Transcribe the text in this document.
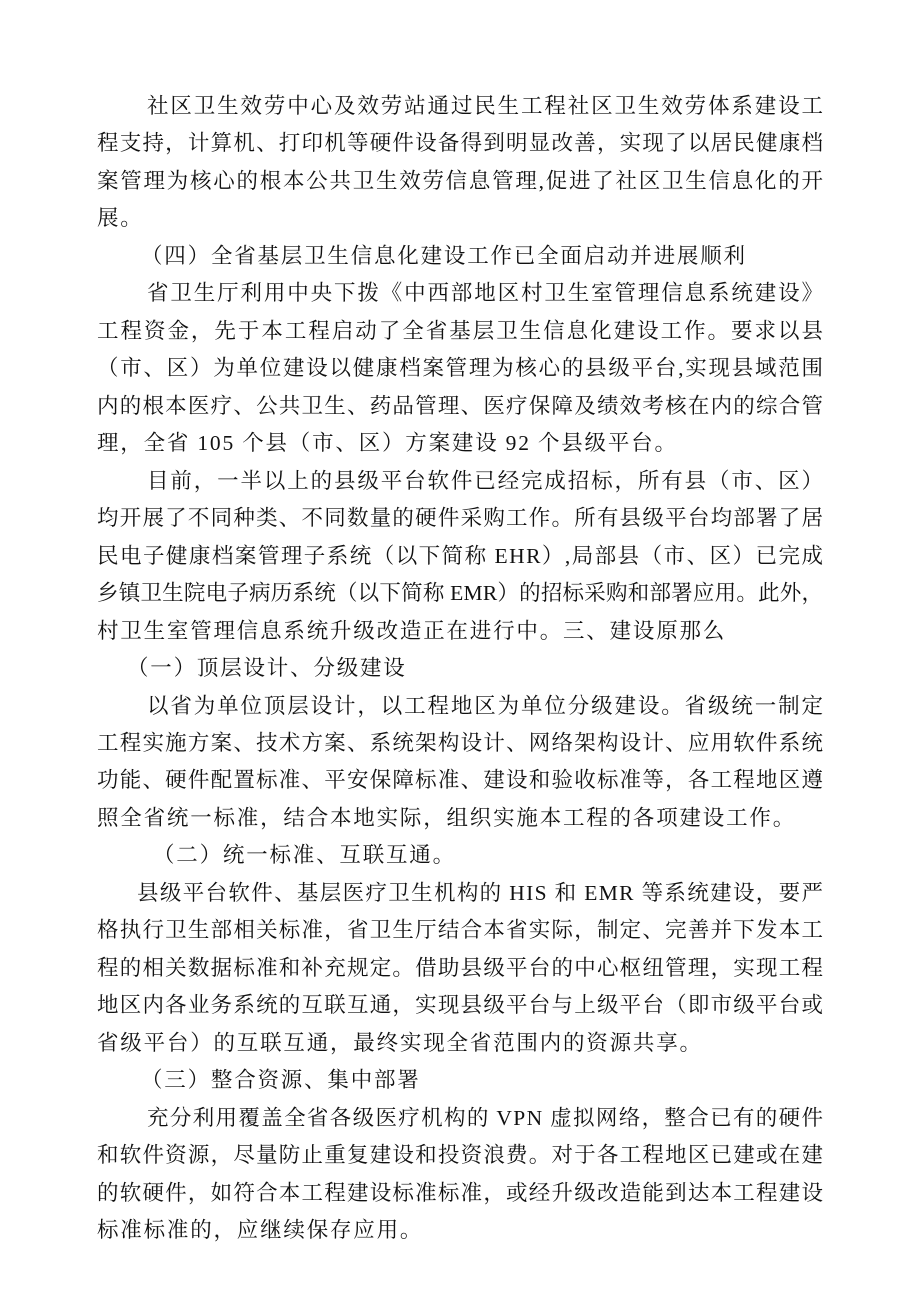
社区卫生效劳中心及效劳站通过民生工程社区卫生效劳体系建设工
程支持，计算机、打印机等硬件设备得到明显改善，实现了以居民健康档
案管理为核心的根本公共卫生效劳信息管理,促进了社区卫生信息化的开
展。
（四）全省基层卫生信息化建设工作已全面启动并进展顺利
省卫生厅利用中央下拨《中西部地区村卫生室管理信息系统建设》
工程资金，先于本工程启动了全省基层卫生信息化建设工作。要求以县
（市、区）为单位建设以健康档案管理为核心的县级平台,实现县域范围
内的根本医疗、公共卫生、药品管理、医疗保障及绩效考核在内的综合管
理，全省 105 个县（市、区）方案建设 92 个县级平台。
目前，一半以上的县级平台软件已经完成招标，所有县（市、区）
均开展了不同种类、不同数量的硬件采购工作。所有县级平台均部署了居
民电子健康档案管理子系统（以下简称 EHR）,局部县（市、区）已完成
乡镇卫生院电子病历系统（以下简称 EMR）的招标采购和部署应用。此外，
村卫生室管理信息系统升级改造正在进行中。三、建设原那么
（一）顶层设计、分级建设
以省为单位顶层设计，以工程地区为单位分级建设。省级统一制定
工程实施方案、技术方案、系统架构设计、网络架构设计、应用软件系统
功能、硬件配置标准、平安保障标准、建设和验收标准等，各工程地区遵
照全省统一标准，结合本地实际，组织实施本工程的各项建设工作。
（二）统一标准、互联互通。
县级平台软件、基层医疗卫生机构的 HIS 和 EMR 等系统建设，要严
格执行卫生部相关标准，省卫生厅结合本省实际，制定、完善并下发本工
程的相关数据标准和补充规定。借助县级平台的中心枢纽管理，实现工程
地区内各业务系统的互联互通，实现县级平台与上级平台（即市级平台或
省级平台）的互联互通，最终实现全省范围内的资源共享。
（三）整合资源、集中部署
充分利用覆盖全省各级医疗机构的 VPN 虚拟网络，整合已有的硬件
和软件资源，尽量防止重复建设和投资浪费。对于各工程地区已建或在建
的软硬件，如符合本工程建设标准标准，或经升级改造能到达本工程建设
标准标准的，应继续保存应用。
